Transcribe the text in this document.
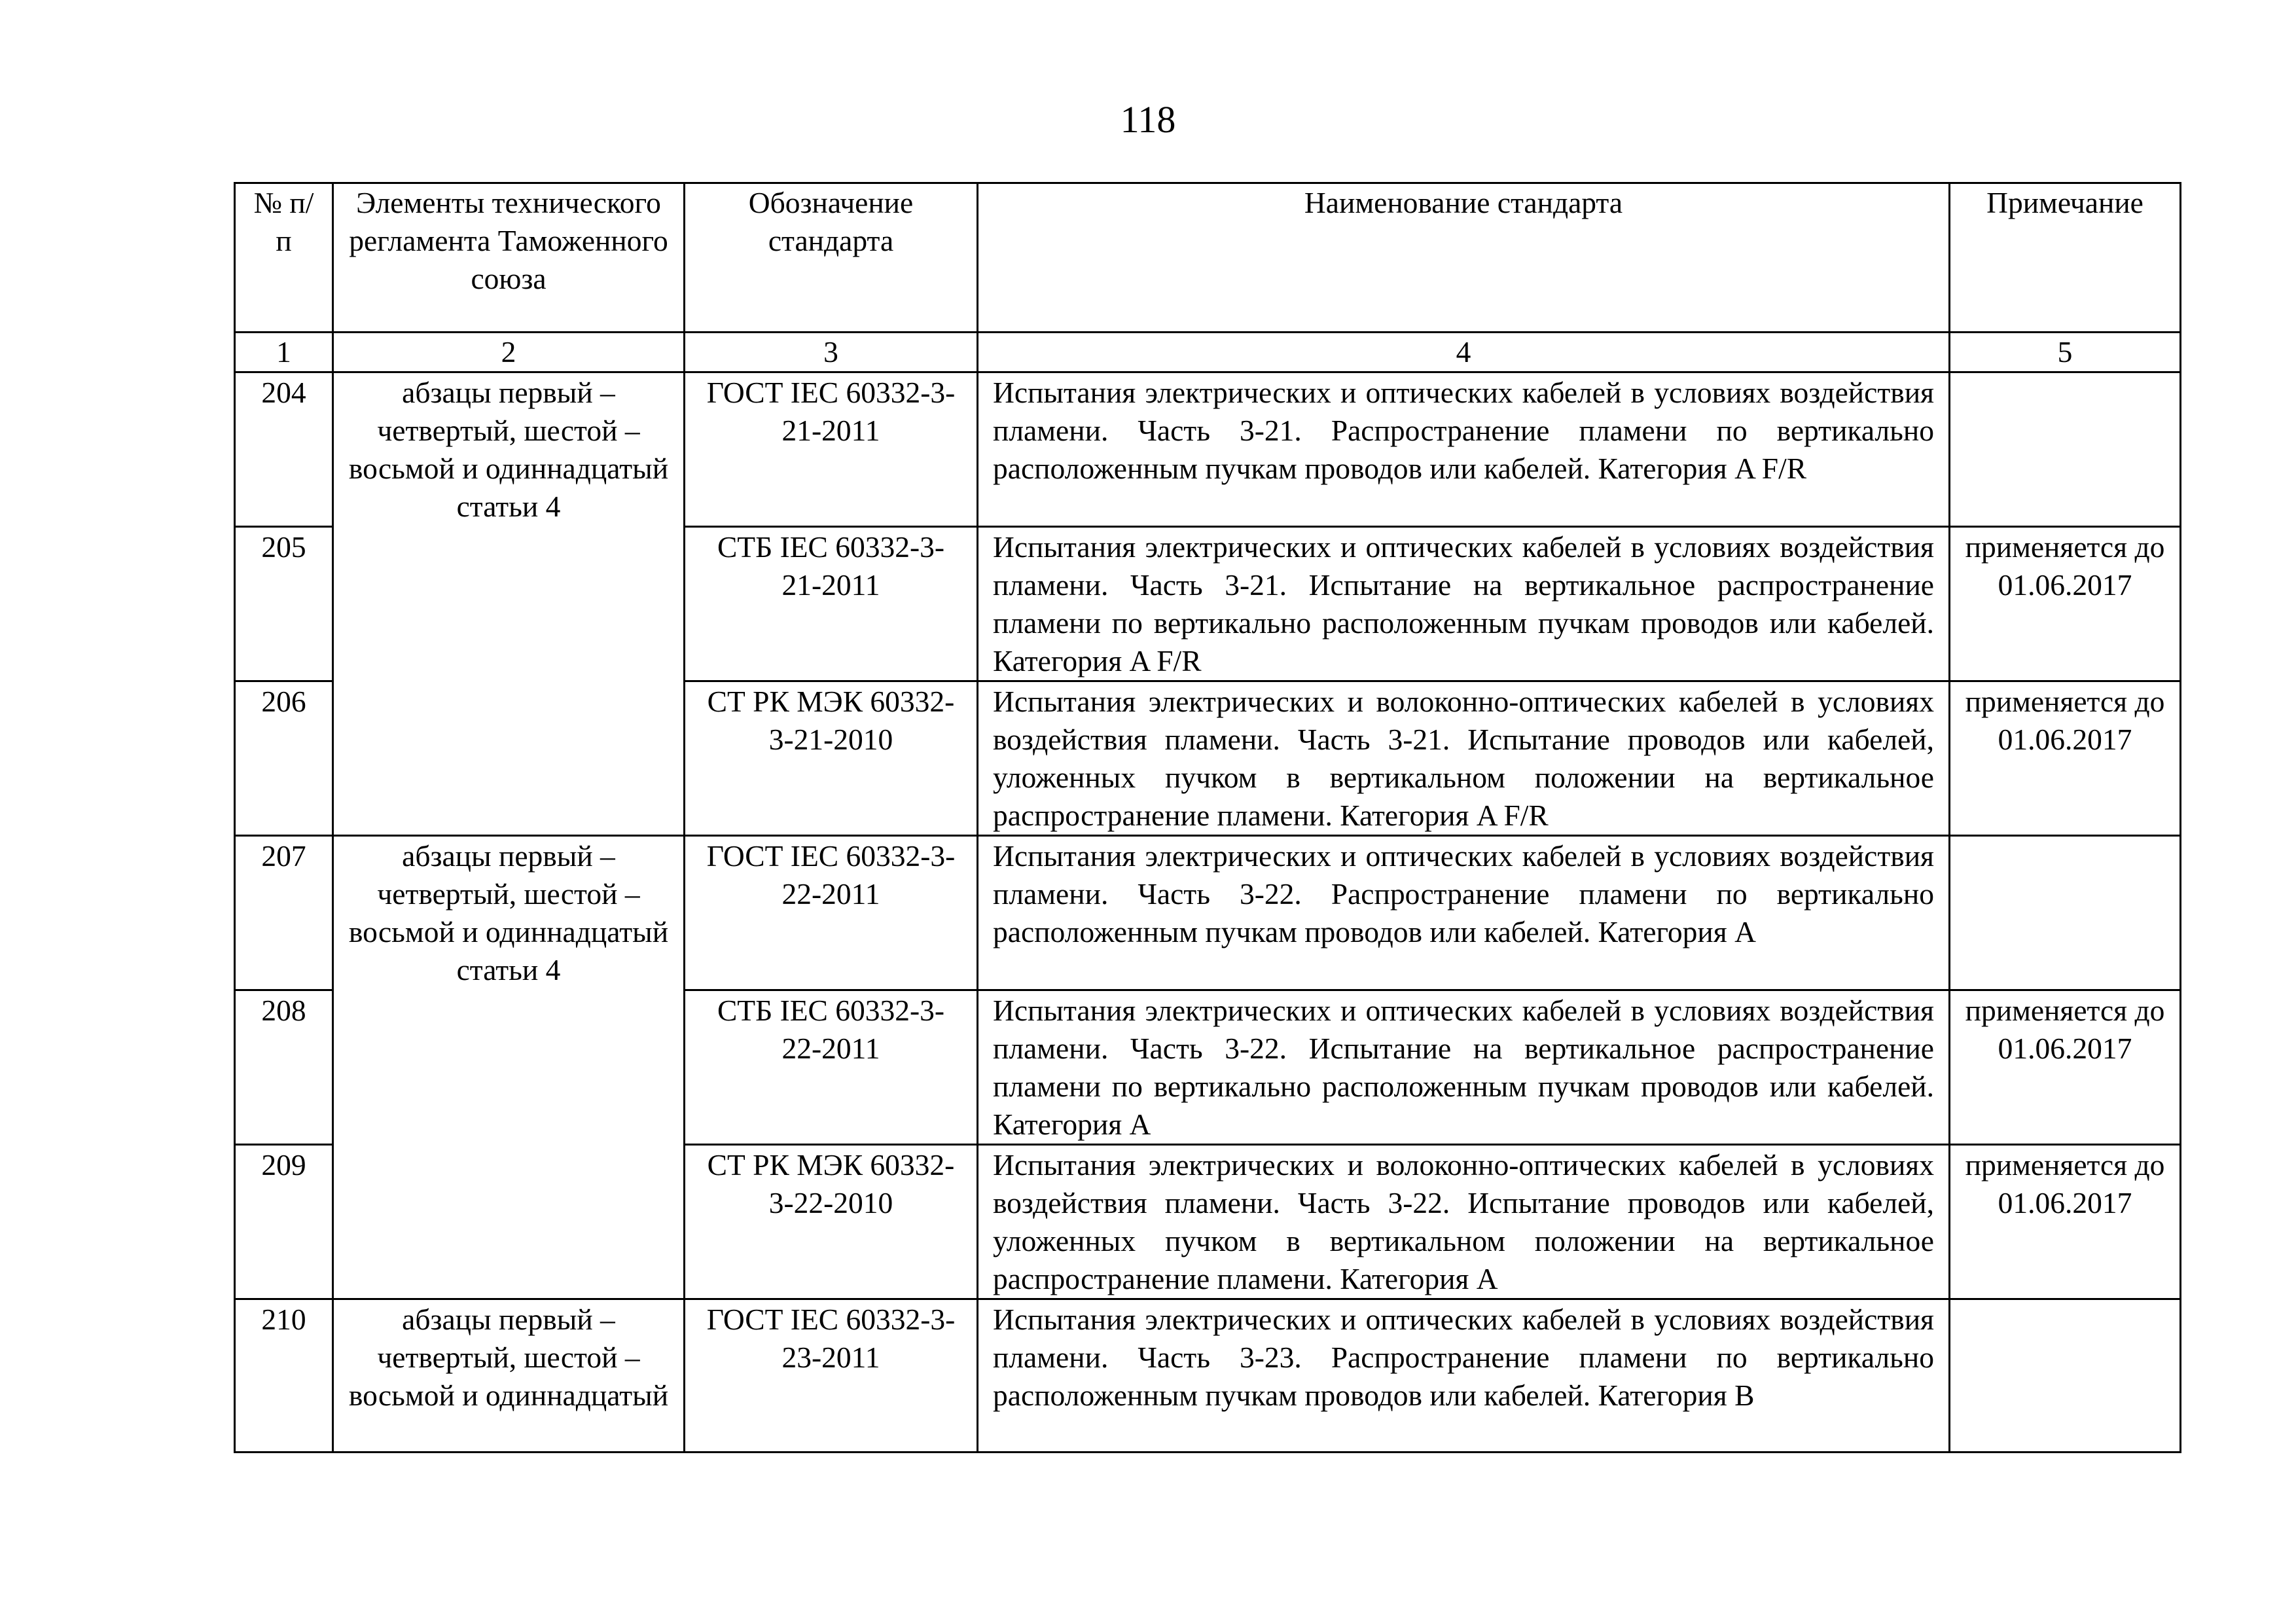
118
№ п/п	Элементы технического регламента Таможенного союза	Обозначение стандарта	Наименование стандарта	Примечание
1	2	3	4	5
204	абзацы первый – четвертый, шестой – восьмой и одиннадцатый статьи 4	ГОСТ IEC 60332-3-21-2011	Испытания электрических и оптических кабелей в условиях воздействия пламени. Часть 3-21. Распространение пламени по вертикально расположенным пучкам проводов или кабелей. Категория A F/R	
205		СТБ IEC 60332-3-21-2011	Испытания электрических и оптических кабелей в условиях воздействия пламени. Часть 3-21. Испытание на вертикальное распространение пламени по вертикально расположенным пучкам проводов или кабелей. Категория A F/R	применяется до 01.06.2017
206		СТ РК МЭК 60332-3-21-2010	Испытания электрических и волоконно-оптических кабелей в условиях воздействия пламени. Часть 3-21. Испытание проводов или кабелей, уложенных пучком в вертикальном положении на вертикальное распространение пламени. Категория A F/R	применяется до 01.06.2017
207	абзацы первый – четвертый, шестой – восьмой и одиннадцатый статьи 4	ГОСТ IEC 60332-3-22-2011	Испытания электрических и оптических кабелей в условиях воздействия пламени. Часть 3-22. Распространение пламени по вертикально расположенным пучкам проводов или кабелей. Категория A	
208		СТБ IEC 60332-3-22-2011	Испытания электрических и оптических кабелей в условиях воздействия пламени. Часть 3-22. Испытание на вертикальное распространение пламени по вертикально расположенным пучкам проводов или кабелей. Категория A	применяется до 01.06.2017
209		СТ РК МЭК 60332-3-22-2010	Испытания электрических и волоконно-оптических кабелей в условиях воздействия пламени. Часть 3-22. Испытание проводов или кабелей, уложенных пучком в вертикальном положении на вертикальное распространение пламени. Категория A	применяется до 01.06.2017
210	абзацы первый – четвертый, шестой – восьмой и одиннадцатый	ГОСТ IEC 60332-3-23-2011	Испытания электрических и оптических кабелей в условиях воздействия пламени. Часть 3-23. Распространение пламени по вертикально расположенным пучкам проводов или кабелей. Категория B	
